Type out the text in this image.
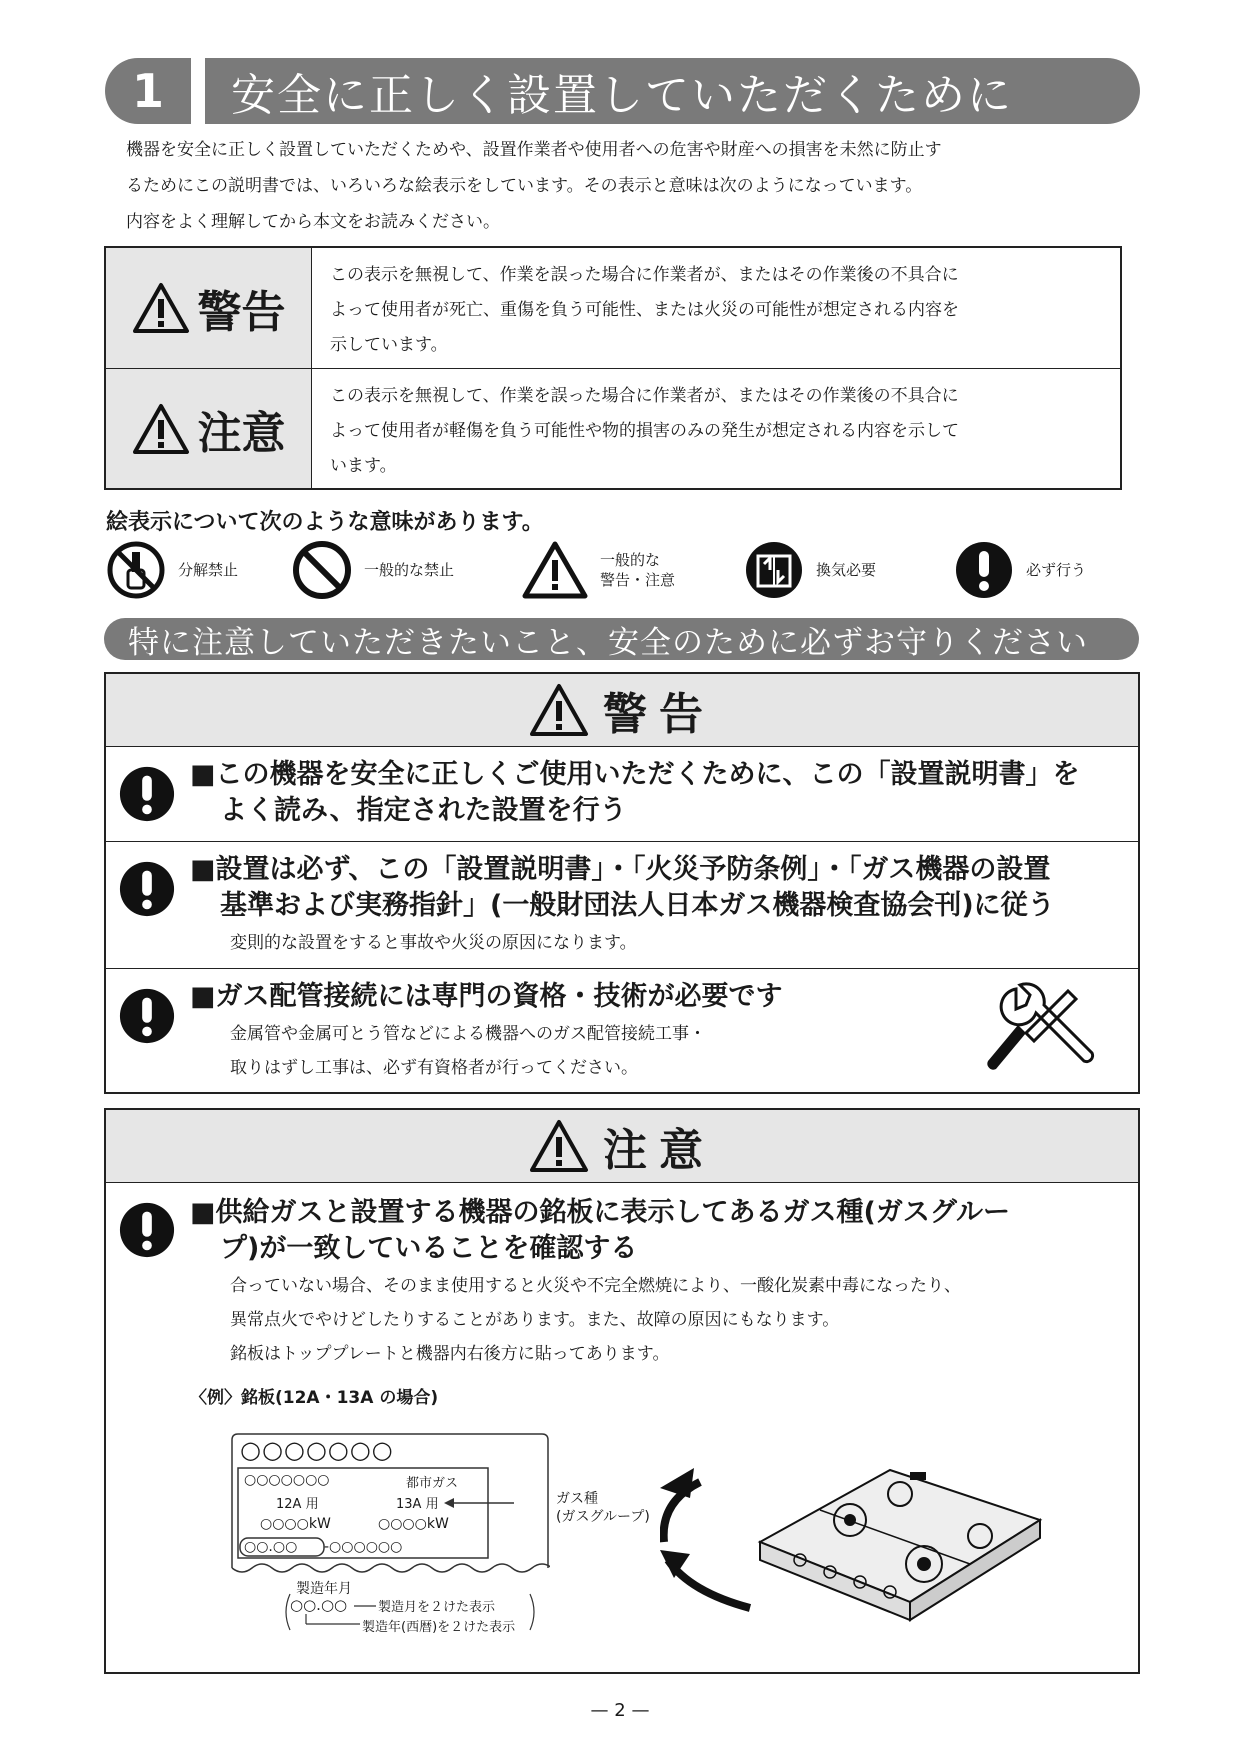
1	安全に正しく設置していただくために
機器を安全に正しく設置していただくためや、設置作業者や使用者への危害や財産への損害を未然に防止す
るためにこの説明書では、いろいろな絵表示をしています。その表示と意味は次のようになっています。
内容をよく理解してから本文をお読みください。
警告
この表示を無視して、作業を誤った場合に作業者が、またはその作業後の不具合に
よって使用者が死亡、重傷を負う可能性、または火災の可能性が想定される内容を
示しています。
注意
この表示を無視して、作業を誤った場合に作業者が、またはその作業後の不具合に
よって使用者が軽傷を負う可能性や物的損害のみの発生が想定される内容を示して
います。
絵表示について次のような意味があります。
分解禁止	一般的な禁止
一般的な
警告・注意
換気必要	必ず行う
特に注意していただきたいこと、安全のために必ずお守りください
警告
■この機器を安全に正しくご使用いただくために、この「設置説明書」を
よく読み、指定された設置を行う
■設置は必ず、この「設置説明書」・「火災予防条例」・「ガス機器の設置
基準および実務指針」(一般財団法人日本ガス機器検査協会刊)に従う
変則的な設置をすると事故や火災の原因になります。
■ガス配管接続には専門の資格・技術が必要です
金属管や金属可とう管などによる機器へのガス配管接続工事・
取りはずし工事は、必ず有資格者が行ってください。
注意
■供給ガスと設置する機器の銘板に表示してあるガス種(ガスグルー
プ)が一致していることを確認する
合っていない場合、そのまま使用すると火災や不完全燃焼により、一酸化炭素中毒になったり、
異常点火でやけどしたりすることがあります。また、故障の原因にもなります。
銘板はトッププレートと機器内右後方に貼ってあります。
〈例〉銘板(12A・13A の場合)
○○○○○○○
○○○○○○○	都市ガス
12A 用	13A 用
○○○○kW	○○○○kW
○○.○○ -○○○○○○
ガス種
(ガスグループ)
製造年月
○○.○○ 製造月を２けた表示
製造年(西暦)を２けた表示
— 2 —
